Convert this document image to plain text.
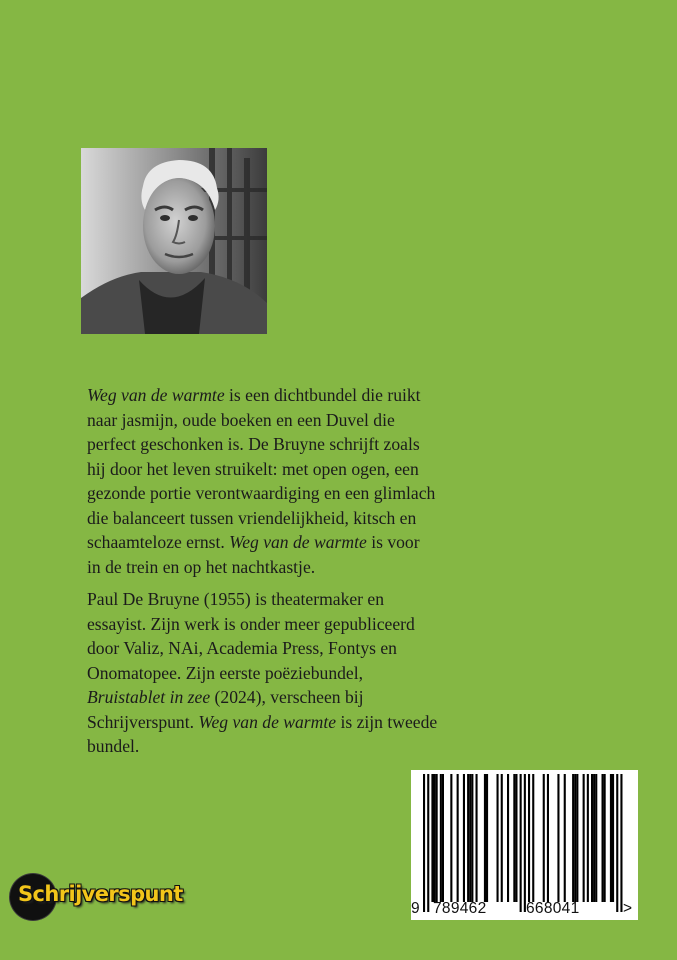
Weg van de warmte is een dichtbundel die ruikt
naar jasmijn, oude boeken en een Duvel die
perfect geschonken is. De Bruyne schrijft zoals
hij door het leven struikelt: met open ogen, een
gezonde portie verontwaardiging en een glimlach
die balanceert tussen vriendelijkheid, kitsch en
schaamteloze ernst. Weg van de warmte is voor
in de trein en op het nachtkastje.
Paul De Bruyne (1955) is theatermaker en
essayist. Zijn werk is onder meer gepubliceerd
door Valiz, NAi, Academia Press, Fontys en
Onomatopee. Zijn eerste poëziebundel,
Bruistablet in zee (2024), verscheen bij
Schrijverspunt. Weg van de warmte is zijn tweede
bundel.
9 789462	668041	>
Schrijverspunt
